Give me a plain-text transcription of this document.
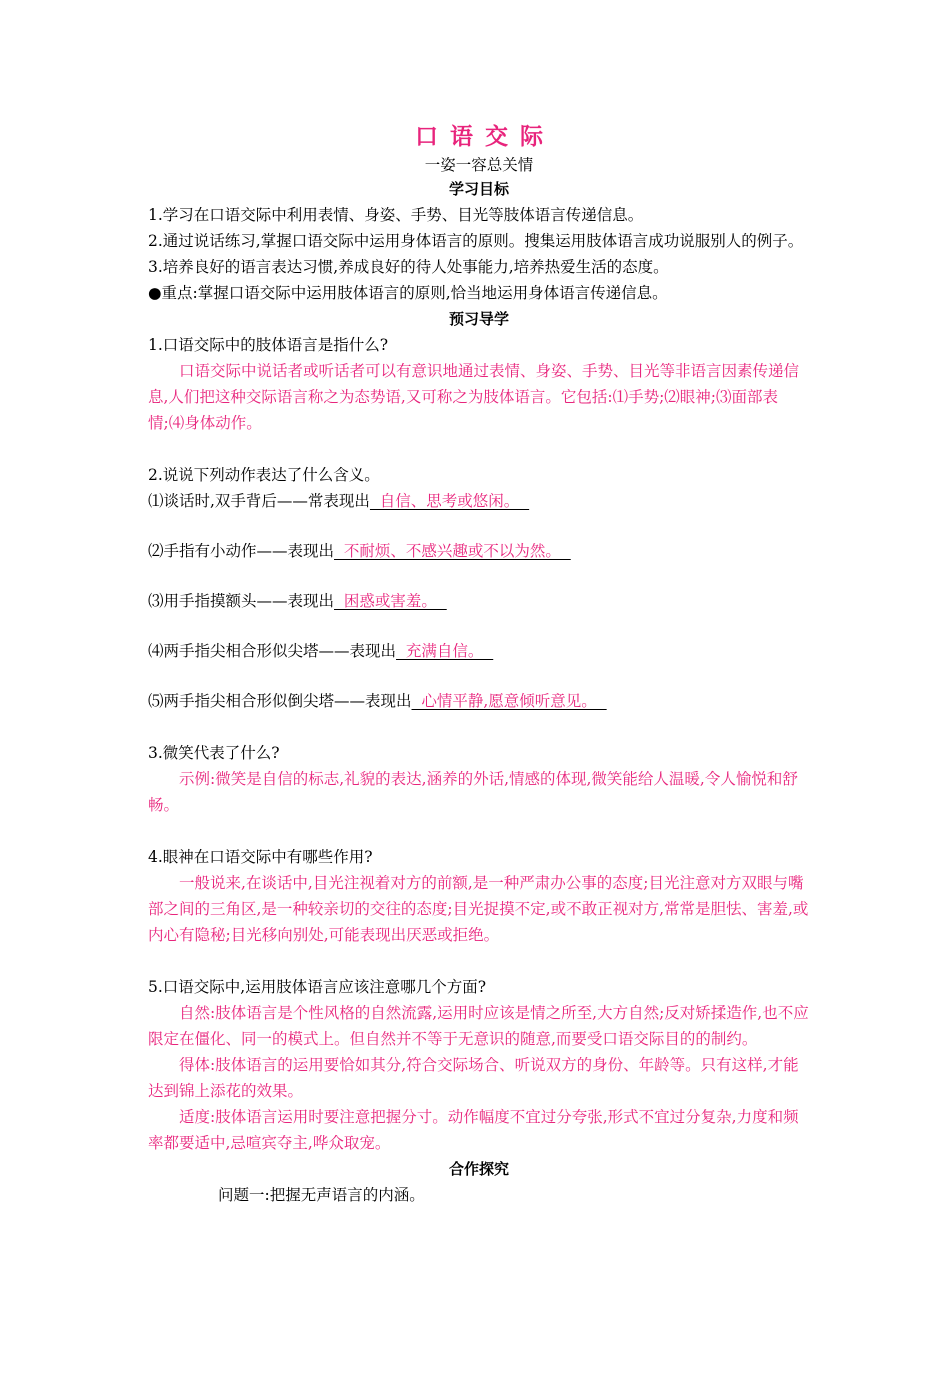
口语交际
一姿一容总关情
学习目标

1.学习在口语交际中利用表情、身姿、手势、目光等肢体语言传递信息。

2.通过说话练习,掌握口语交际中运用身体语言的原则。搜集运用肢体语言成功说服别人的例子。

3.培养良好的语言表达习惯,养成良好的待人处事能力,培养热爱生活的态度。

●重点:掌握口语交际中运用肢体语言的原则,恰当地运用身体语言传递信息。

预习导学

1.口语交际中的肢体语言是指什么?

口语交际中说话者或听话者可以有意识地通过表情、身姿、手势、目光等非语言因素传递信息,人们把这种交际语言称之为态势语,又可称之为肢体语言。它包括:⑴手势;⑵眼神;⑶面部表情;⑷身体动作。

2.说说下列动作表达了什么含义。

⑴谈话时,双手背后——常表现出  自信、思考或悠闲。

⑵手指有小动作——表现出  不耐烦、不感兴趣或不以为然。

⑶用手指摸额头——表现出  困惑或害羞。

⑷两手指尖相合形似尖塔——表现出  充满自信。

⑸两手指尖相合形似倒尖塔——表现出  心情平静,愿意倾听意见。

3.微笑代表了什么?

示例:微笑是自信的标志,礼貌的表达,涵养的外话,情感的体现,微笑能给人温暖,令人愉悦和舒畅。

4.眼神在口语交际中有哪些作用?

一般说来,在谈话中,目光注视着对方的前额,是一种严肃办公事的态度;目光注意对方双眼与嘴部之间的三角区,是一种较亲切的交往的态度;目光捉摸不定,或不敢正视对方,常常是胆怯、害羞,或内心有隐秘;目光移向别处,可能表现出厌恶或拒绝。

5.口语交际中,运用肢体语言应该注意哪几个方面?

自然:肢体语言是个性风格的自然流露,运用时应该是情之所至,大方自然;反对矫揉造作,也不应限定在僵化、同一的模式上。但自然并不等于无意识的随意,而要受口语交际目的的制约。

得体:肢体语言的运用要恰如其分,符合交际场合、听说双方的身份、年龄等。只有这样,才能达到锦上添花的效果。

适度:肢体语言运用时要注意把握分寸。动作幅度不宜过分夸张,形式不宜过分复杂,力度和频率都要适中,忌喧宾夺主,哗众取宠。

合作探究

问题一:把握无声语言的内涵。
